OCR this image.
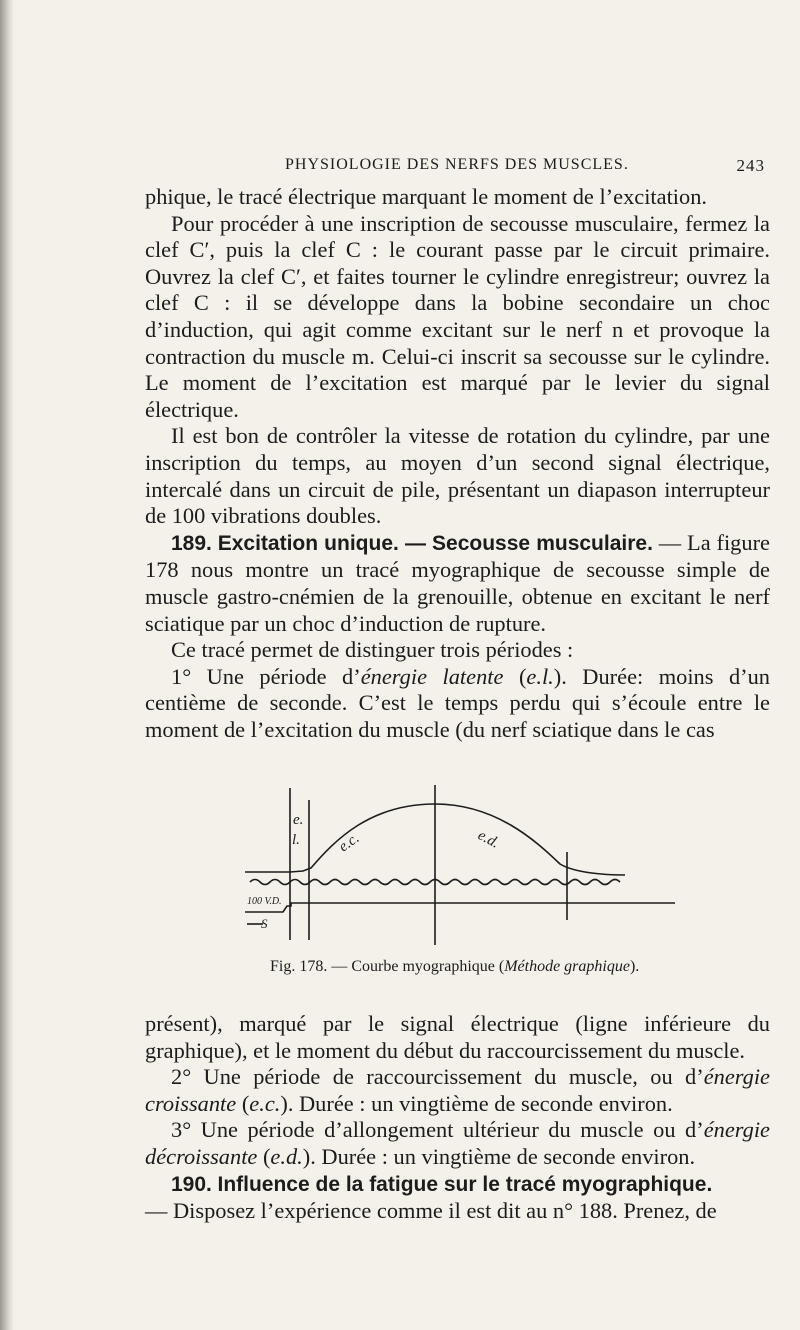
PHYSIOLOGIE DES NERFS DES MUSCLES.	243

phique, le tracé électrique marquant le moment de l’excitation.

Pour procéder à une inscription de secousse musculaire, fermez la clef C′, puis la clef C : le courant passe par le circuit primaire. Ouvrez la clef C′, et faites tourner le cylindre enregistreur; ouvrez la clef C : il se développe dans la bobine secondaire un choc d’induction, qui agit comme excitant sur le nerf n et provoque la contraction du muscle m. Celui-ci inscrit sa secousse sur le cylindre. Le moment de l’excitation est marqué par le levier du signal électrique.

Il est bon de contrôler la vitesse de rotation du cylindre, par une inscription du temps, au moyen d’un second signal électrique, intercalé dans un circuit de pile, présentant un diapason interrupteur de 100 vibrations doubles.

189. Excitation unique. — Secousse musculaire. — La figure 178 nous montre un tracé myographique de secousse simple de muscle gastro-cnémien de la grenouille, obtenue en excitant le nerf sciatique par un choc d’induction de rupture.

Ce tracé permet de distinguer trois périodes :

1° Une période d’énergie latente (e.l.). Durée: moins d’un centième de seconde. C’est le temps perdu qui s’écoule entre le moment de l’excitation du muscle (du nerf sciatique dans le cas

e.
l. e.c.	e.d.
100 V.D.
S
Fig. 178. — Courbe myographique (Méthode graphique).

présent), marqué par le signal électrique (ligne inférieure du graphique), et le moment du début du raccourcissement du muscle.

2° Une période de raccourcissement du muscle, ou d’énergie croissante (e.c.). Durée : un vingtième de seconde environ.

3° Une période d’allongement ultérieur du muscle ou d’énergie décroissante (e.d.). Durée : un vingtième de seconde environ.

190. Influence de la fatigue sur le tracé myographique.

— Disposez l’expérience comme il est dit au n° 188. Prenez, de
